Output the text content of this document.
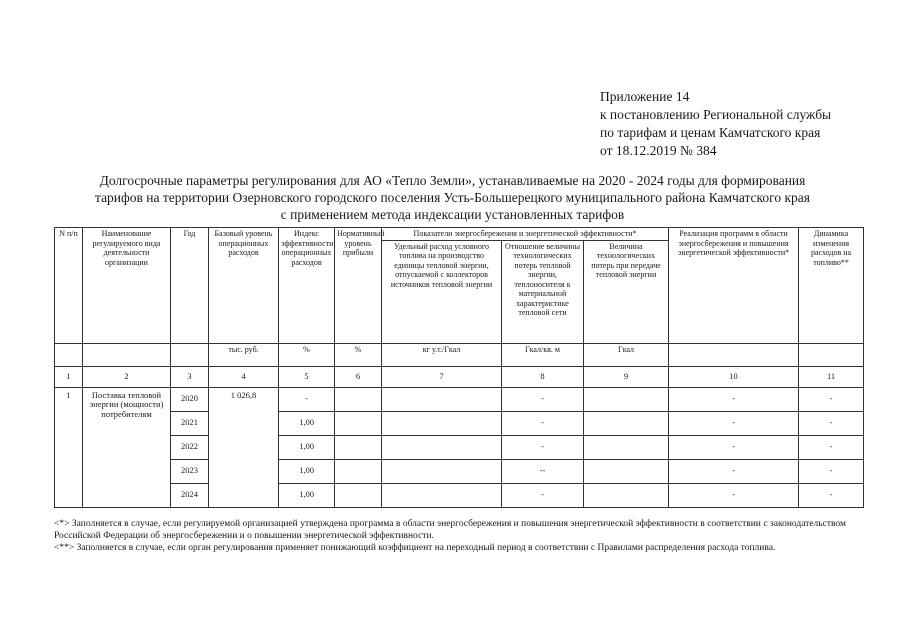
Приложение 14
к постановлению Региональной службы
по тарифам и ценам Камчатского края
от 18.12.2019 № 384
Долгосрочные параметры регулирования для АО «Тепло Земли», устанавливаемые на 2020 - 2024 годы для формирования
тарифов на территории Озерновского городского поселения Усть-Большерецкого муниципального района Камчатского края
с применением метода индексации установленных тарифов
N п/п	Наименование регулируемого вида деятельности организации	Год	Базовый уровень операционных расходов	Индекс эффективности операционных расходов	Нормативный уровень прибыли	Показатели энергосбережения и энергетической эффективности*			Реализация программ в области энергосбережения и повышения энергетической эффективности*	Динамика изменения расходов на топливо**
						Удельный расход условного топлива на производство единицы тепловой энергии, отпускаемой с коллекторов источников тепловой энергии	Отношение величины технологических потерь тепловой энергии, теплоносителя к материальной характеристике тепловой сети	Величина технологических потерь при передаче тепловой энергии		
			тыс. руб.	%	%	кг у.т./Гкал	Гкал/кв. м	Гкал		
1	2	3	4	5	6	7	8	9	10	11
1	Поставка тепловой энергии (мощности) потребителям	2020	1 026,8	-			-		-	-
		2021		1,00			-		-	-
		2022		1,00			-		-	-
		2023		1,00			--		-	-
		2024		1,00			-		-	-

<*> Заполняется в случае, если регулируемой организацией утверждена программа в области энергосбережения и повышения энергетической эффективности в соответствии с законодательством Российской Федерации об энергосбережении и о повышении энергетической эффективности.

<**> Заполняется в случае, если орган регулирования применяет понижающий коэффициент на переходный период в соответствии с Правилами распределения расхода топлива.
